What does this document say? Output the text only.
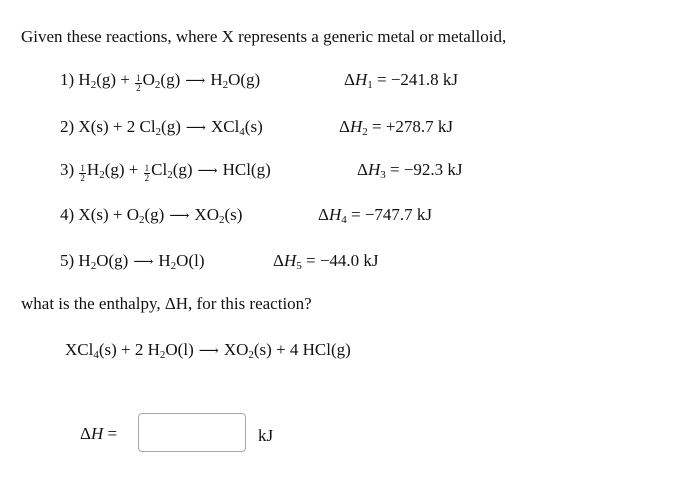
Given these reactions, where X represents a generic metal or metalloid,
1) $H_2(g) + \frac{1}{2} O_2(g)$ ⟶ $H_2O(g)$	$\Delta H_1 = -241.8$ kJ
2) X(s) + 2 $Cl_2(g)$ ⟶ XCl$_4$(s)	$\Delta H_2 = +278.7$ kJ
$3) \frac{1}{2} H_2(g) + \frac{1}{2} Cl_2(g)$ ⟶ HCl(g)	$\Delta H_3 = -92.3$ kJ
4) $X(s) + O_2(g)$ ⟶ $XO_2(s)$	$\Delta H_4 = -747.7$ kJ
5) $H_2O(g)$ ⟶ $H_2O(l)$	$\Delta H_5 = -44.0$ kJ
what is the enthalpy, ΔH, for this reaction?
XCl$_4$(s) + 2 $H_2O(l)$ ⟶ $XO_2(s) + 4$ HCl(g)
ΔH =	kJ
